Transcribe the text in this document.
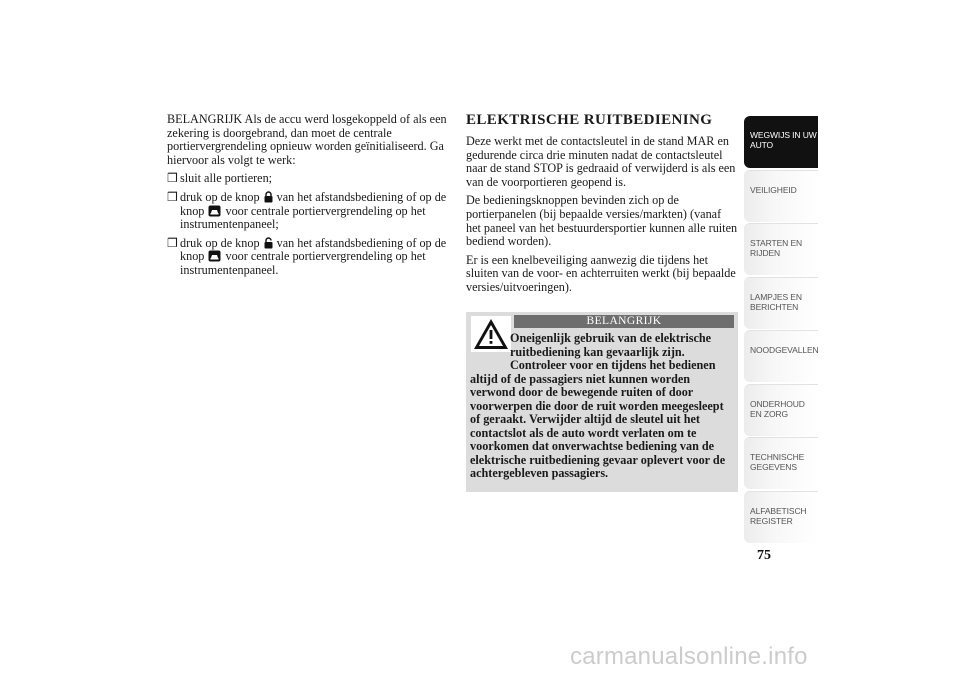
BELANGRIJK Als de accu werd losgekoppeld of als een zekering is doorgebrand, dan moet de centrale portiervergrendeling opnieuw worden geïnitialiseerd. Ga hiervoor als volgt te werk:

❒ sluit alle portieren;
❒ druk op de knop van het afstandsbediening of op de knop voor centrale portiervergrendeling op het instrumentenpaneel;
❒ druk op de knop van het afstandsbediening of op de knop voor centrale portiervergrendeling op het instrumentenpaneel.
ELEKTRISCHE RUITBEDIENING

Deze werkt met de contactsleutel in de stand MAR en gedurende circa drie minuten nadat de contactsleutel naar de stand STOP is gedraaid of verwijderd is als een van de voorportieren geopend is.

De bedieningsknoppen bevinden zich op de portierpanelen (bij bepaalde versies/markten) (vanaf het paneel van het bestuurdersportier kunnen alle ruiten bediend worden).

Er is een knelbeveiliging aanwezig die tijdens het sluiten van de voor- en achterruiten werkt (bij bepaalde versies/uitvoeringen).

BELANGRIJK
Oneigenlijk gebruik van de elektrische ruitbediening kan gevaarlijk zijn. Controleer voor en tijdens het bedienen altijd of de passagiers niet kunnen worden verwond door de bewegende ruiten of door voorwerpen die door de ruit worden meegesleept of geraakt. Verwijder altijd de sleutel uit het contactslot als de auto wordt verlaten om te voorkomen dat onverwachtse bediening van de elektrische ruitbediening gevaar oplevert voor de achtergebleven passagiers.
WEGWIJS IN UW AUTO
VEILIGHEID
STARTEN EN RIJDEN
LAMPJES EN BERICHTEN
NOODGEVALLEN
ONDERHOUD EN ZORG
TECHNISCHE GEGEVENS
ALFABETISCH REGISTER
75
carmanualsonline.info
